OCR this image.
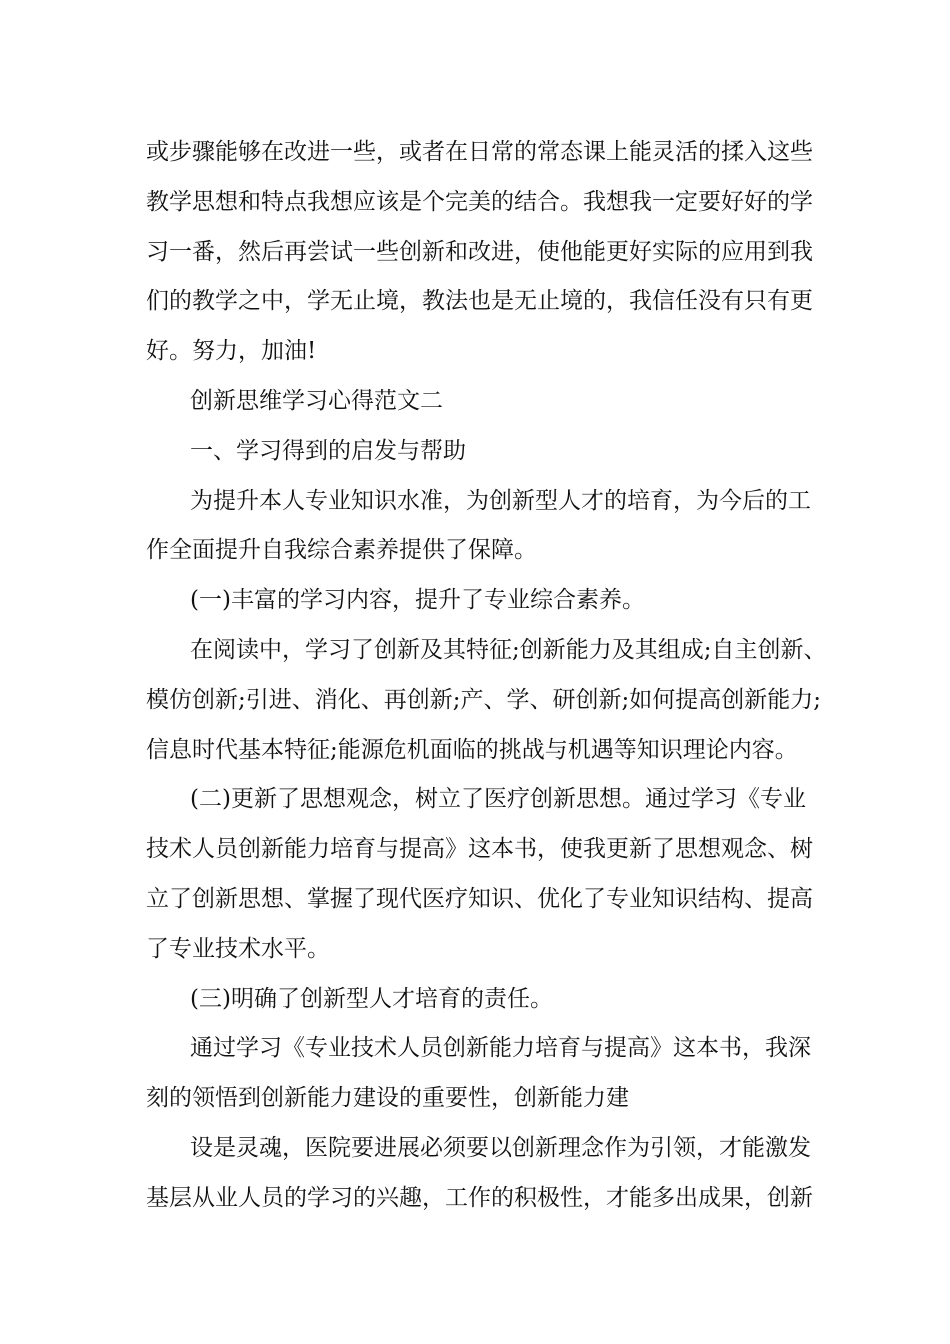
或步骤能够在改进一些，或者在日常的常态课上能灵活的揉入这些
教学思想和特点我想应该是个完美的结合。我想我一定要好好的学
习一番，然后再尝试一些创新和改进，使他能更好实际的应用到我
们的教学之中，学无止境，教法也是无止境的，我信任没有只有更
好。努力，加油!
创新思维学习心得范文二
一、学习得到的启发与帮助
为提升本人专业知识水准，为创新型人才的培育，为今后的工
作全面提升自我综合素养提供了保障。
(一)丰富的学习内容，提升了专业综合素养。
在阅读中，学习了创新及其特征;创新能力及其组成;自主创新、
模仿创新;引进、消化、再创新;产、学、研创新;如何提高创新能力;
信息时代基本特征;能源危机面临的挑战与机遇等知识理论内容。
(二)更新了思想观念，树立了医疗创新思想。通过学习《专业
技术人员创新能力培育与提高》这本书，使我更新了思想观念、树
立了创新思想、掌握了现代医疗知识、优化了专业知识结构、提高
了专业技术水平。
(三)明确了创新型人才培育的责任。
通过学习《专业技术人员创新能力培育与提高》这本书，我深
刻的领悟到创新能力建设的重要性，创新能力建
设是灵魂，医院要进展必须要以创新理念作为引领，才能激发
基层从业人员的学习的兴趣，工作的积极性，才能多出成果，创新
